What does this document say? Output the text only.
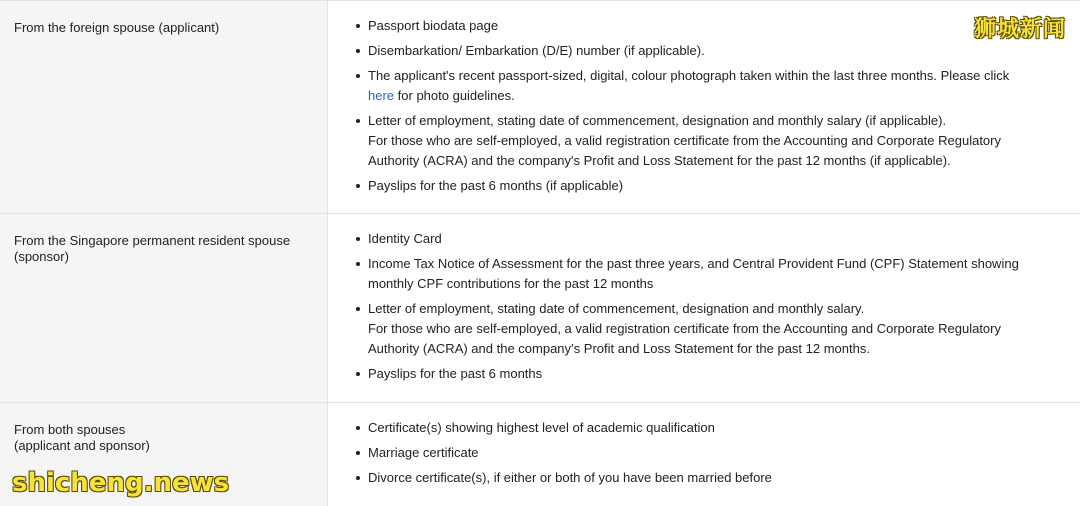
From the foreign spouse (applicant)	Passport biodata page
Disembarkation/ Embarkation (D/E) number (if applicable).
The applicant's recent passport-sized, digital, colour photograph taken within the last three months. Please click
here for photo guidelines.
Letter of employment, stating date of commencement, designation and monthly salary (if applicable).
For those who are self-employed, a valid registration certificate from the Accounting and Corporate Regulatory
Authority (ACRA) and the company's Profit and Loss Statement for the past 12 months (if applicable).
Payslips for the past 6 months (if applicable)
From the Singapore permanent resident spouse
(sponsor)
Identity Card
Income Tax Notice of Assessment for the past three years, and Central Provident Fund (CPF) Statement showing
monthly CPF contributions for the past 12 months
Letter of employment, stating date of commencement, designation and monthly salary.
For those who are self-employed, a valid registration certificate from the Accounting and Corporate Regulatory
Authority (ACRA) and the company’s Profit and Loss Statement for the past 12 months.
Payslips for the past 6 months
From both spouses
(applicant and sponsor)
Certificate(s) showing highest level of academic qualification
Marriage certificate
Divorce certificate(s), if either or both of you have been married before
狮城新闻
shicheng.news
